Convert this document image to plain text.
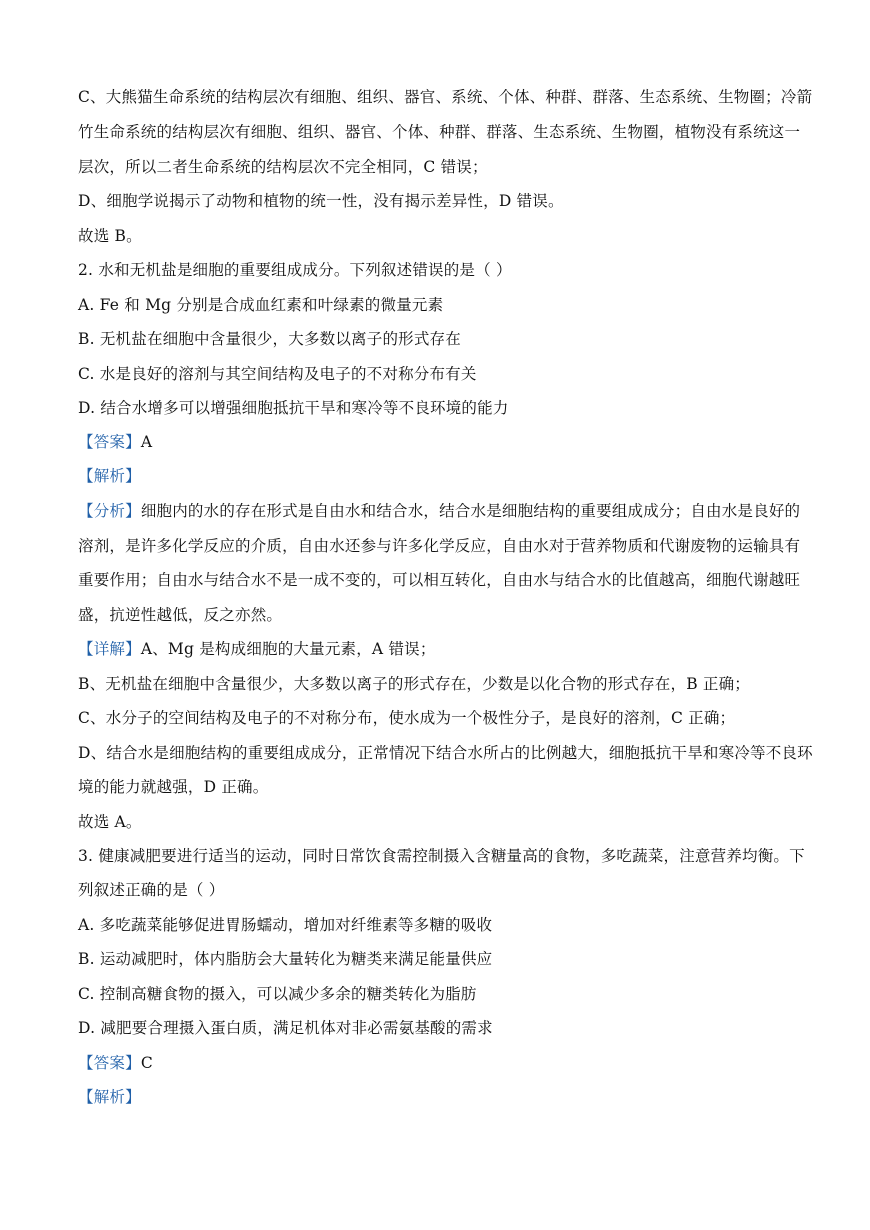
C、大熊猫生命系统的结构层次有细胞、组织、器官、系统、个体、种群、群落、生态系统、生物圈；冷箭
竹生命系统的结构层次有细胞、组织、器官、个体、种群、群落、生态系统、生物圈，植物没有系统这一
层次，所以二者生命系统的结构层次不完全相同，C 错误；
D、细胞学说揭示了动物和植物的统一性，没有揭示差异性，D 错误。
故选 B。
2. 水和无机盐是细胞的重要组成成分。下列叙述错误的是（ ）
A. Fe 和 Mg 分别是合成血红素和叶绿素的微量元素
B. 无机盐在细胞中含量很少，大多数以离子的形式存在
C. 水是良好的溶剂与其空间结构及电子的不对称分布有关
D. 结合水增多可以增强细胞抵抗干旱和寒冷等不良环境的能力
【答案】A
【解析】
【分析】细胞内的水的存在形式是自由水和结合水，结合水是细胞结构的重要组成成分；自由水是良好的
溶剂，是许多化学反应的介质，自由水还参与许多化学反应，自由水对于营养物质和代谢废物的运输具有
重要作用；自由水与结合水不是一成不变的，可以相互转化，自由水与结合水的比值越高，细胞代谢越旺
盛，抗逆性越低，反之亦然。
【详解】A、Mg 是构成细胞的大量元素，A 错误；
B、无机盐在细胞中含量很少，大多数以离子的形式存在，少数是以化合物的形式存在，B 正确；
C、水分子的空间结构及电子的不对称分布，使水成为一个极性分子，是良好的溶剂，C 正确；
D、结合水是细胞结构的重要组成成分，正常情况下结合水所占的比例越大，细胞抵抗干旱和寒冷等不良环
境的能力就越强，D 正确。
故选 A。
3. 健康减肥要进行适当的运动，同时日常饮食需控制摄入含糖量高的食物，多吃蔬菜，注意营养均衡。下
列叙述正确的是（ ）
A. 多吃蔬菜能够促进胃肠蠕动，增加对纤维素等多糖的吸收
B. 运动减肥时，体内脂肪会大量转化为糖类来满足能量供应
C. 控制高糖食物的摄入，可以减少多余的糖类转化为脂肪
D. 减肥要合理摄入蛋白质，满足机体对非必需氨基酸的需求
【答案】C
【解析】
